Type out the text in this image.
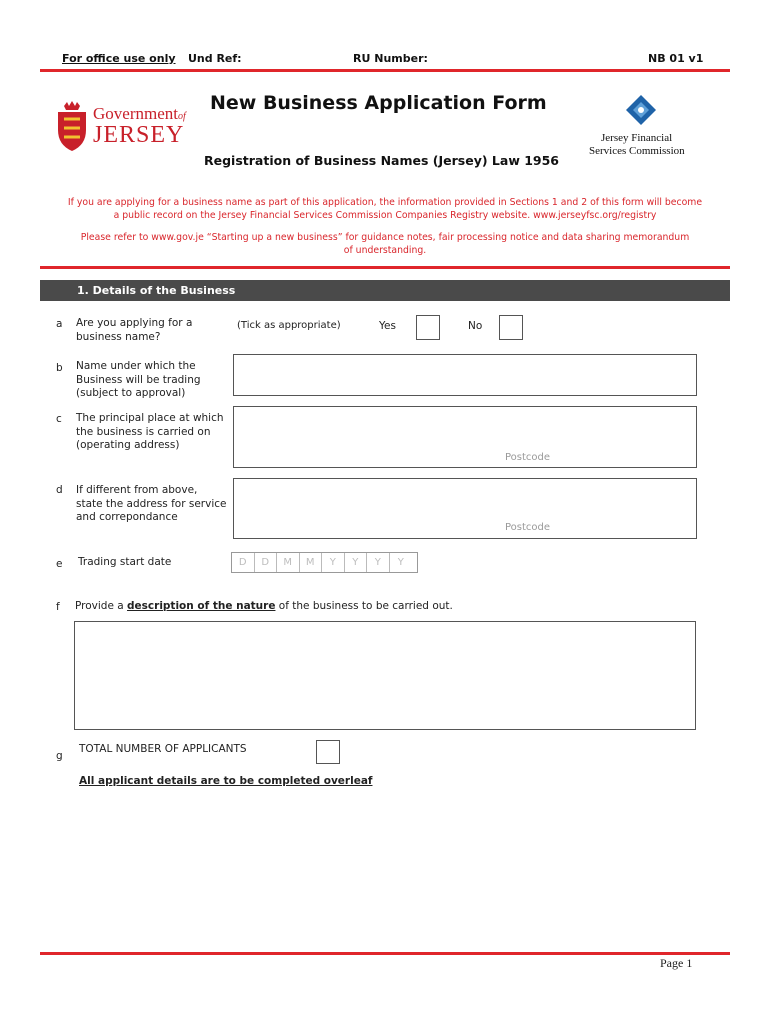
For office use only Und Ref:	RU Number:	NB 01 v1
Governmentof
JERSEY	Jersey Financial
Services Commission
New Business Application Form
Registration of Business Names (Jersey) Law 1956
If you are applying for a business name as part of this application, the information provided in Sections 1 and 2 of this form will become
a public record on the Jersey Financial Services Commission Companies Registry website. www.jerseyfsc.org/registry
Please refer to www.gov.je “Starting up a new business” for guidance notes, fair processing notice and data sharing memorandum
of understanding.
1. Details of the Business
a Are you applying for a
business name?
(Tick as appropriate)	Yes	No
b Name under which the
Business will be trading
(subject to approval)
c The principal place at which
the business is carried on
(operating address)
Postcode
d If different from above,
state the address for service
and correpondance
Postcode
e Trading start date	D	D	M	M	Y	Y	Y	Y
f Provide a description of the nature of the business to be carried out.
g
TOTAL NUMBER OF APPLICANTS
All applicant details are to be completed overleaf
Page 1
